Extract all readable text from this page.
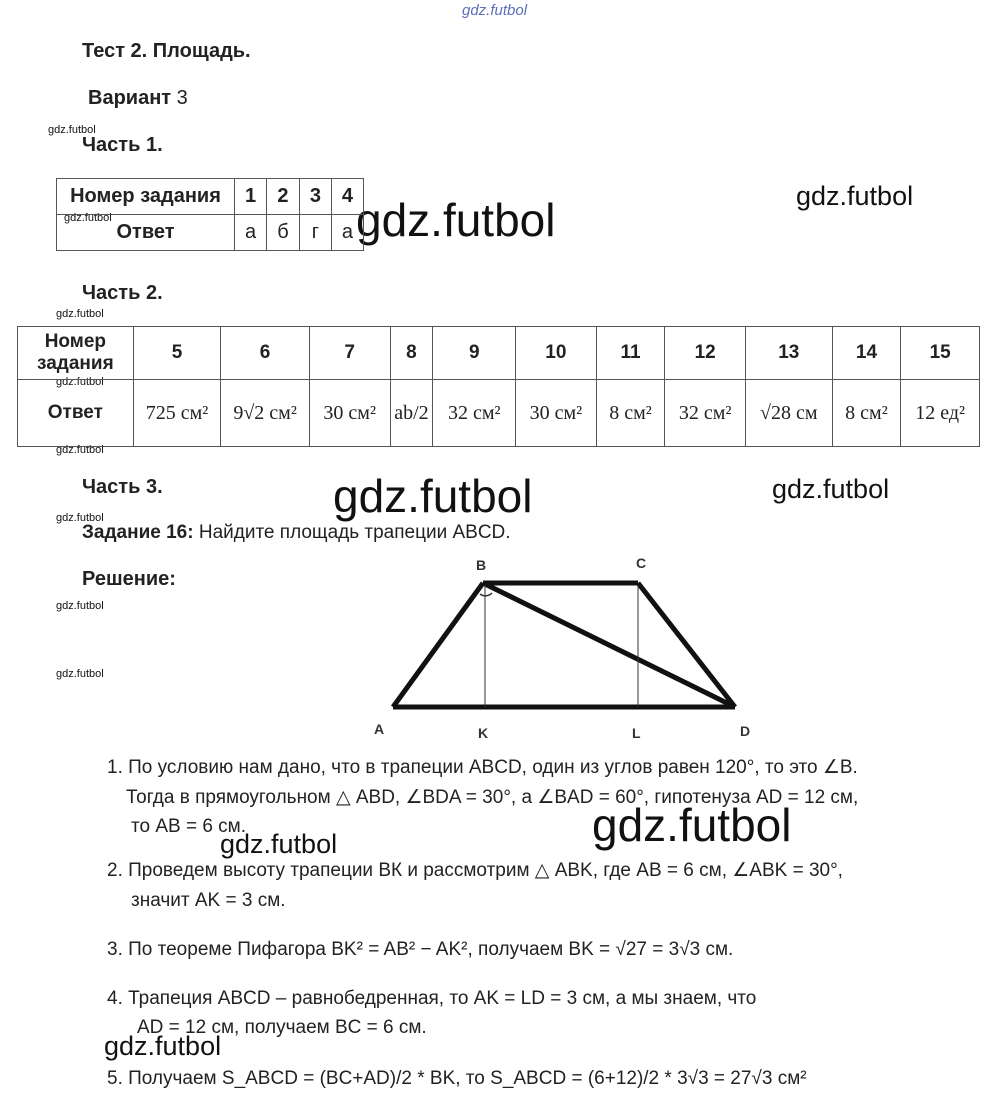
gdz.futbol
gdz.futbol
gdz.futbol
gdz.futbol
gdz.futbol
gdz.futbol
gdz.futbol
gdz.futbol
gdz.futbol
gdz.futbol
gdz.futbol
gdz.futbol
gdz.futbol
gdz.futbol
gdz.futbol
gdz.futbol
Тест 2. Площадь.
Вариант 3
Часть 1.
Номер задания	1	2	3	4
Ответ	а	б	г	а
Часть 2.
Номер задания	5	6	7	8	9	10	11	12	13	14	15
Ответ	725 см²	9√2 см²	30 см²	ab/2	32 см²	30 см²	8 см²	32 см²	√28 см	8 см²	12 ед²
Часть 3.
Задание 16: Найдите площадь трапеции ABCD.
Решение:
A
B	C
D
K	L
1. По условию нам дано, что в трапеции ABCD, один из углов равен 120°, то это ∠B.
Тогда в прямоугольном △ ABD, ∠BDA = 30°, а ∠BAD = 60°, гипотенуза AD = 12 см,
то AB = 6 см.
2. Проведем высоту трапеции ВК и рассмотрим △ ABK, где AB = 6 см, ∠ABK = 30°,
значит AK = 3 см.
3. По теореме Пифагора BK² = AB² − AK², получаем ВK = √27 = 3√3 см.
4. Трапеция ABCD – равнобедренная, то AK = LD = 3 см, а мы знаем, что
AD = 12 см, получаем BC = 6 см.
5. Получаем S_ABCD = (BC+AD)/2 * BK, то S_ABCD = (6+12)/2 * 3√3 = 27√3 см²
